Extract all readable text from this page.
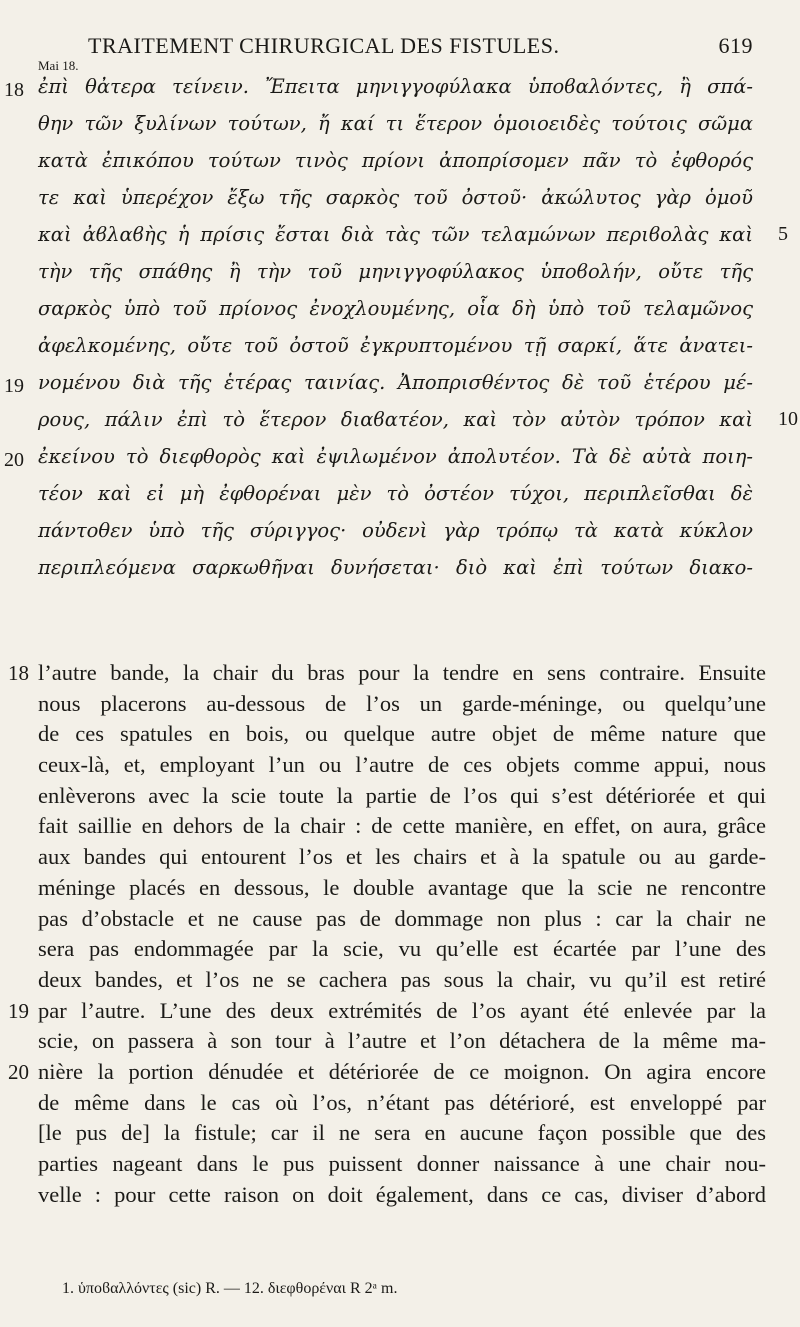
TRAITEMENT CHIRURGICAL DES FISTULES.	619
Mai 18.
18 ἐπὶ θἀτερα τείνειν. Ἔπειτα μηνιγγοφύλακα ὑποϐαλόντες, ἢ σπά-
θην τῶν ξυλίνων τούτων, ἤ καί τι ἕτερον ὁμοιοειδὲς τούτοις σῶμα
κατὰ ἐπικόπου τούτων τινὸς πρίονι ἀποπρίσομεν πᾶν τὸ ἐφθορός
τε καὶ ὑπερέχον ἔξω τῆς σαρκὸς τοῦ ὀστοῦ· ἀκώλυτος γὰρ ὁμοῦ
καὶ ἀϐλαϐὴς ἡ πρίσις ἔσται διὰ τὰς τῶν τελαμώνων περιϐολὰς καὶ 5
τὴν τῆς σπάθης ἢ τὴν τοῦ μηνιγγοφύλακος ὑποϐολήν, οὔτε τῆς
σαρκὸς ὑπὸ τοῦ πρίονος ἐνοχλουμένης, οἷα δὴ ὑπὸ τοῦ τελαμῶνος
ἀφελκομένης, οὔτε τοῦ ὀστοῦ ἐγκρυπτομένου τῇ σαρκί, ἅτε ἀνατει-
19 νομένου διὰ τῆς ἑτέρας ταινίας. Ἀποπρισθέντος δὲ τοῦ ἑτέρου μέ-
ρους, πάλιν ἐπὶ τὸ ἕτερον διαϐατέον, καὶ τὸν αὐτὸν τρόπον καὶ 10
20 ἐκείνου τὸ διεφθορὸς καὶ ἐψιλωμένον ἀπολυτέον. Τὰ δὲ αὐτὰ ποιη-
τέον καὶ εἰ μὴ ἐφθορέναι μὲν τὸ ὀστέον τύχοι, περιπλεῖσθαι δὲ
πάντοθεν ὑπὸ τῆς σύριγγος· οὐδενὶ γὰρ τρόπῳ τὰ κατὰ κύκλον
περιπλεόμενα σαρκωθῆναι δυνήσεται· διὸ καὶ ἐπὶ τούτων διακο-
18 l’autre bande, la chair du bras pour la tendre en sens contraire. Ensuite
nous placerons au-dessous de l’os un garde-méninge, ou quelqu’une
de ces spatules en bois, ou quelque autre objet de même nature que
ceux-là, et, employant l’un ou l’autre de ces objets comme appui, nous
enlèverons avec la scie toute la partie de l’os qui s’est détériorée et qui
fait saillie en dehors de la chair : de cette manière, en effet, on aura, grâce
aux bandes qui entourent l’os et les chairs et à la spatule ou au garde-
méninge placés en dessous, le double avantage que la scie ne rencontre
pas d’obstacle et ne cause pas de dommage non plus : car la chair ne
sera pas endommagée par la scie, vu qu’elle est écartée par l’une des
deux bandes, et l’os ne se cachera pas sous la chair, vu qu’il est retiré
19 par l’autre. L’une des deux extrémités de l’os ayant été enlevée par la
scie, on passera à son tour à l’autre et l’on détachera de la même ma-
20 nière la portion dénudée et détériorée de ce moignon. On agira encore
de même dans le cas où l’os, n’étant pas détérioré, est enveloppé par
[le pus de] la fistule; car il ne sera en aucune façon possible que des
parties nageant dans le pus puissent donner naissance à une chair nou-
velle : pour cette raison on doit également, dans ce cas, diviser d’abord
1. ὑποϐαλλόντες (sic) R. — 12. διεφθορέναι R 2ᵃ m.
